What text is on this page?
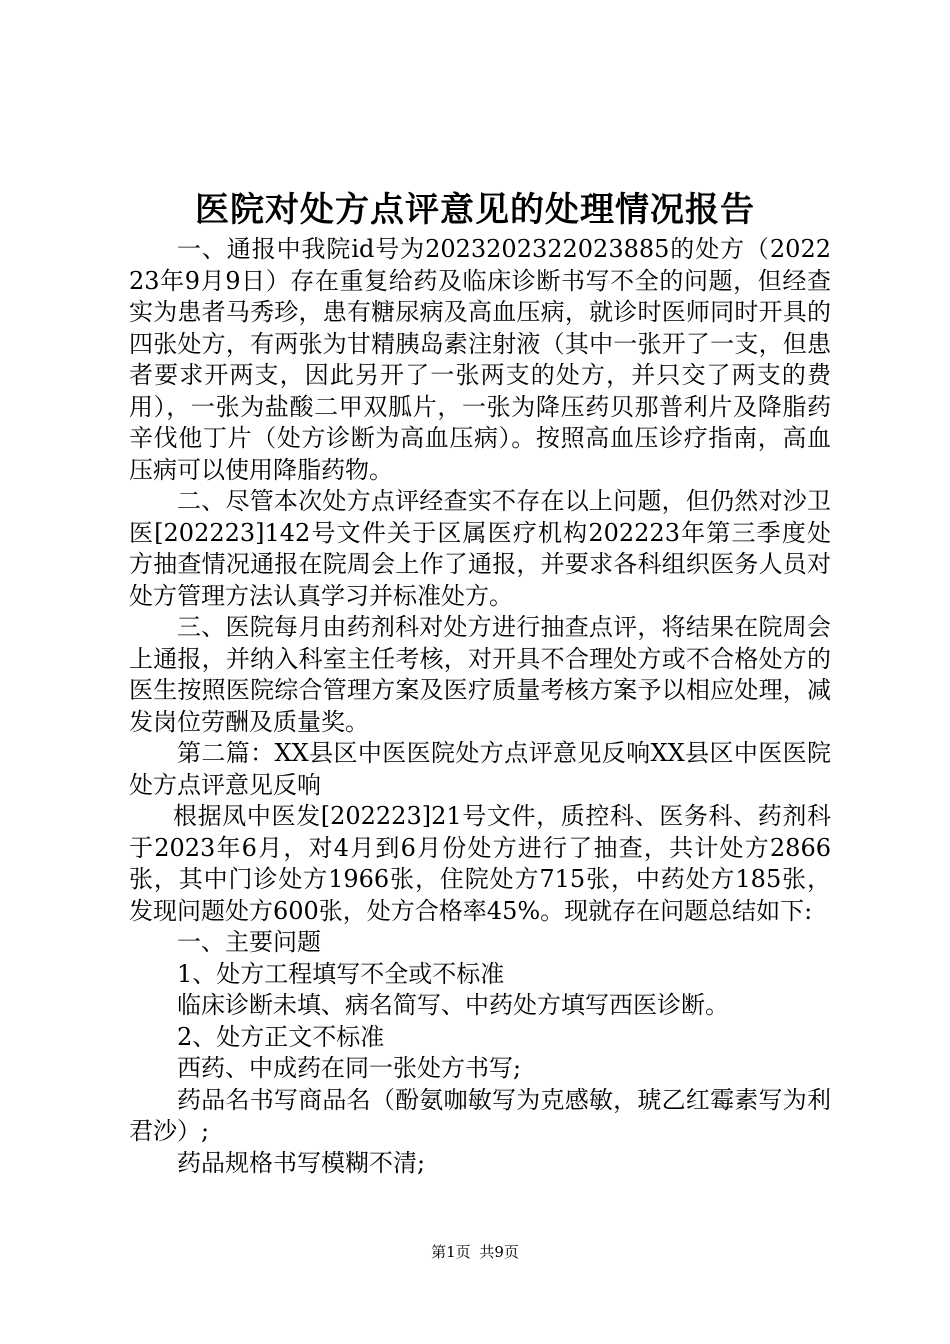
医院对处方点评意见的处理情况报告

一、通报中我院id号为2023202322023885的处方（202223年9月9日）存在重复给药及临床诊断书写不全的问题，但经查实为患者马秀珍，患有糖尿病及高血压病，就诊时医师同时开具的四张处方，有两张为甘精胰岛素注射液（其中一张开了一支，但患者要求开两支，因此另开了一张两支的处方，并只交了两支的费用），一张为盐酸二甲双胍片，一张为降压药贝那普利片及降脂药辛伐他丁片（处方诊断为高血压病）。按照高血压诊疗指南，高血压病可以使用降脂药物。

二、尽管本次处方点评经查实不存在以上问题，但仍然对沙卫医[202223]142号文件关于区属医疗机构202223年第三季度处方抽查情况通报在院周会上作了通报，并要求各科组织医务人员对处方管理方法认真学习并标准处方。

三、医院每月由药剂科对处方进行抽查点评，将结果在院周会上通报，并纳入科室主任考核，对开具不合理处方或不合格处方的医生按照医院综合管理方案及医疗质量考核方案予以相应处理，减发岗位劳酬及质量奖。

第二篇：XX县区中医医院处方点评意见反响XX县区中医医院处方点评意见反响

根据凤中医发[202223]21号文件，质控科、医务科、药剂科于2023年6月，对4月到6月份处方进行了抽查，共计处方2866张，其中门诊处方1966张，住院处方715张，中药处方185张，发现问题处方600张，处方合格率45%。现就存在问题总结如下:

一、主要问题

1、处方工程填写不全或不标准

临床诊断未填、病名简写、中药处方填写西医诊断。

2、处方正文不标准

西药、中成药在同一张处方书写;

药品名书写商品名（酚氨咖敏写为克感敏，琥乙红霉素写为利君沙）;

药品规格书写模糊不清;

第1页 共9页
